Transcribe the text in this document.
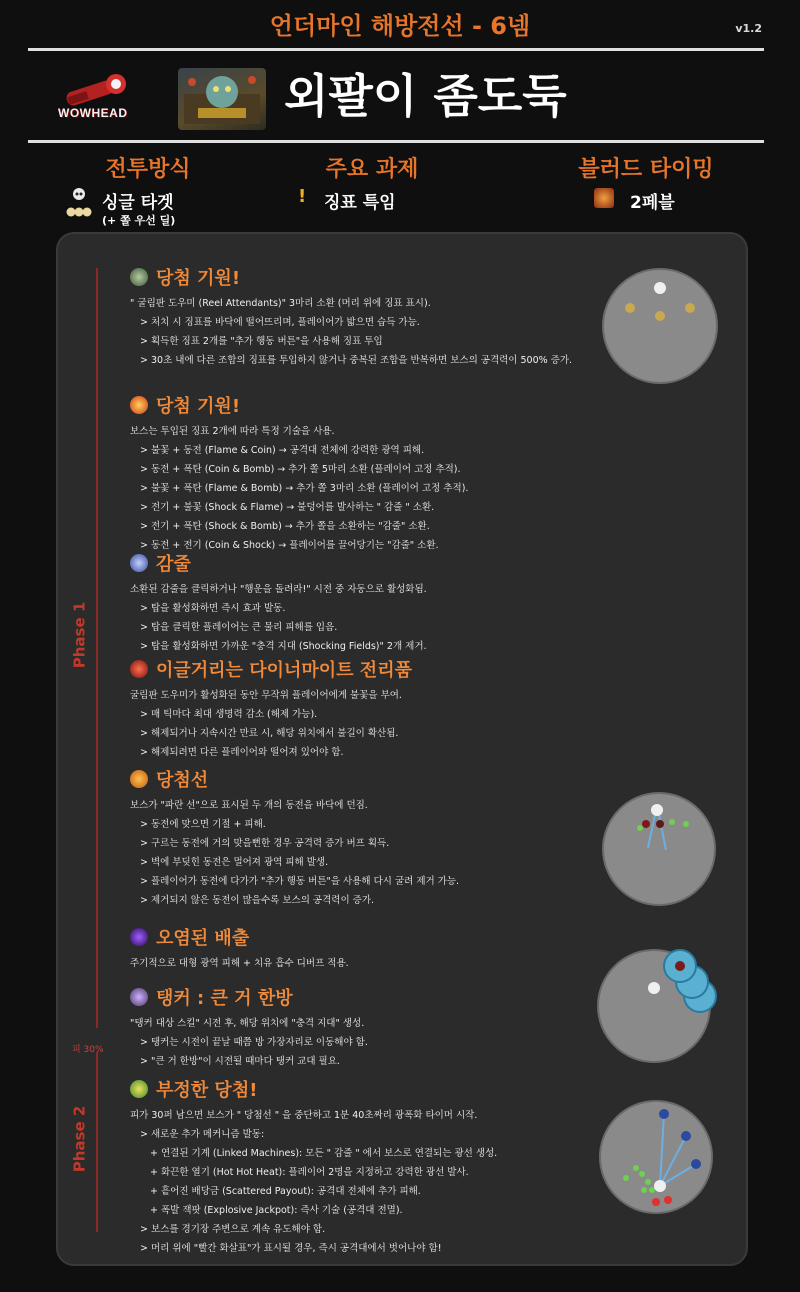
언더마인 해방전선 - 6넴	v1.2
WOWHEAD	외팔이 좀도둑
전투방식	주요 과제	블러드 타이밍
싱글 타겟
(+ 쫄 우선 딜)
! 징표 특임	2페블
Phase 1
피 30%
Phase 2
당첨 기원!
" 굴림판 도우미 (Reel Attendants)" 3마리 소환 (머리 위에 징표 표시).
> 처치 시 징표를 바닥에 떨어뜨리며, 플레이어가 밟으면 습득 가능.
> 획득한 징표 2개를 "추가 행동 버튼"을 사용해 징표 투입
> 30초 내에 다른 조합의 징표를 투입하지 않거나 중복된 조합을 반복하면 보스의 공격력이 500% 증가.
당첨 기원!
보스는 투입된 징표 2개에 따라 특정 기술을 사용.
> 불꽃 + 동전 (Flame & Coin) → 공격대 전체에 강력한 광역 피해.
> 동전 + 폭탄 (Coin & Bomb) → 추가 쫄 5마리 소환 (플레이어 고정 추적).
> 불꽃 + 폭탄 (Flame & Bomb) → 추가 쫄 3마리 소환 (플레이어 고정 추적).
> 전기 + 불꽃 (Shock & Flame) → 불덩어를 발사하는 " 감줄 " 소환.
> 전기 + 폭탄 (Shock & Bomb) → 추가 쫄을 소환하는 "감줄" 소환.
> 동전 + 전기 (Coin & Shock) → 플레이어를 끌어당기는 "감줄" 소환.
감줄
소환된 감줄을 클릭하거나 "행운을 돌려라!" 시전 중 자동으로 활성화됨.
> 탑을 활성화하면 즉시 효과 발동.
> 탑을 클릭한 플레이어는 큰 물리 피해를 입음.
> 탑을 활성화하면 가까운 "충격 지대 (Shocking Fields)" 2개 제거.
이글거리는 다이너마이트 전리품
굴림판 도우미가 활성화된 동안 무작위 플레이어에게 불꽃을 부여.
> 매 틱마다 최대 생명력 감소 (해제 가능).
> 해제되거나 지속시간 만료 시, 해당 위치에서 불길이 확산됨.
> 해제되려면 다른 플레이어와 떨어져 있어야 함.
당첨선
보스가 "파란 선"으로 표시된 두 개의 동전을 바닥에 던짐.
> 동전에 맞으면 기절 + 피해.
> 구르는 동전에 거의 맞을뻔한 경우 공격력 증가 버프 획득.
> 벽에 부딪힌 동전은 멀어져 광역 피해 발생.
> 플레이어가 동전에 다가가 "추가 행동 버튼"을 사용해 다시 굴려 제거 가능.
> 제거되지 않은 동전이 많을수록 보스의 공격력이 증가.
오염된 배출
주기적으로 대형 광역 피해 + 치유 흡수 디버프 적용.
탱커 : 큰 거 한방
"탱커 대상 스킬" 시전 후, 해당 위치에 "충격 지대" 생성.
> 탱커는 시전이 끝날 때쯤 방 가장자리로 이동해야 함.
> "큰 거 한방"이 시전될 때마다 탱커 교대 필요.
부정한 당첨!
피가 30퍼 남으면 보스가 " 당첨선 " 을 중단하고 1분 40초짜리 광폭화 타이머 시작.
> 새로운 추가 메커니즘 발동:
+ 연결된 기계 (Linked Machines): 모든 " 감줄 " 에서 보스로 연결되는 광선 생성.
+ 화끈한 열기 (Hot Hot Heat): 플레이어 2명을 지정하고 강력한 광선 발사.
+ 흩어진 배당금 (Scattered Payout): 공격대 전체에 추가 피해.
+ 폭발 잭팟 (Explosive Jackpot): 즉사 기술 (공격대 전멸).
> 보스를 경기장 주변으로 계속 유도해야 함.
> 머리 위에 "빨간 화살표"가 표시될 경우, 즉시 공격대에서 벗어나야 함!
